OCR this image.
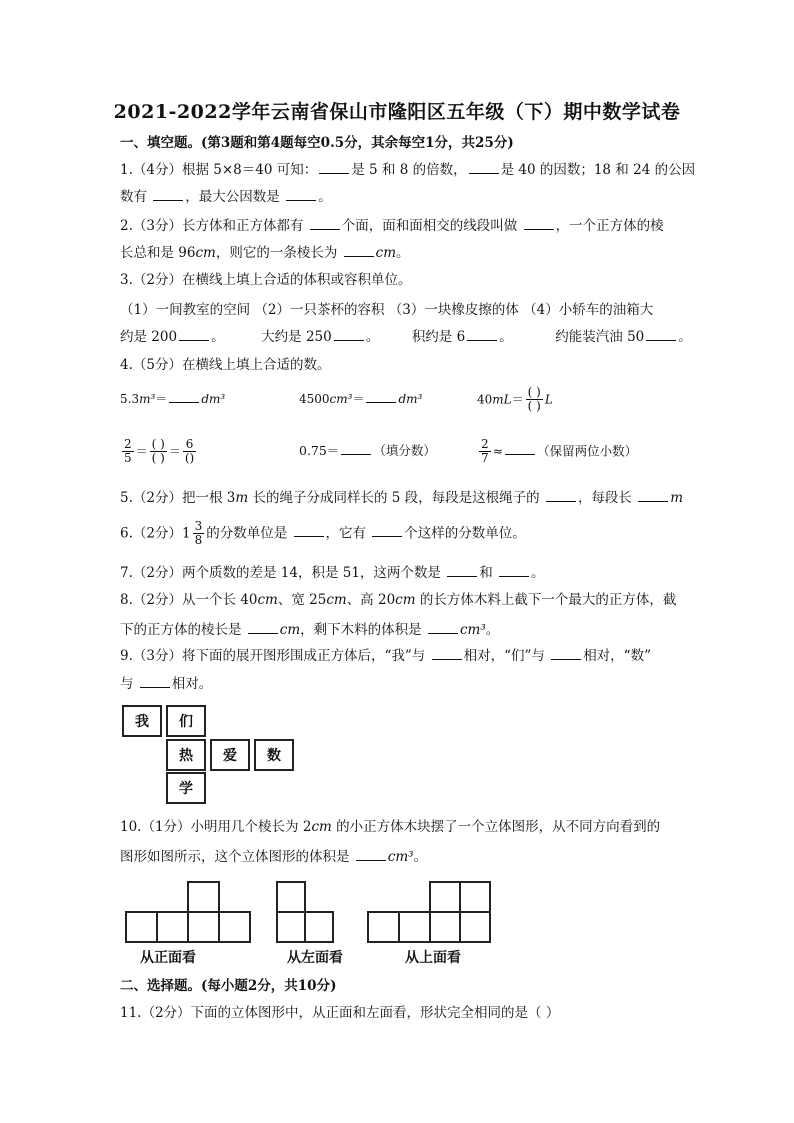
2021-2022学年云南省保山市隆阳区五年级（下）期中数学试卷
一、填空题。(第3题和第4题每空0.5分，其余每空1分，共25分)
1.（4分）根据 5×8＝40 可知：	是 5 和 8 的倍数，	是 40 的因数；18 和 24 的公因
数有	，最大公因数是	。
2.（3分）长方体和正方体都有	个面，面和面相交的线段叫做	，一个正方体的棱
长总和是 96cm，则它的一条棱长为	cm。
3.（2分）在横线上填上合适的体积或容积单位。
（1）一间教室的空间 （2）一只茶杯的容积 （3）一块橡皮擦的体 （4）小轿车的油箱大
约是 200	。	大约是 250	。 积约是 6	。	约能装汽油 50	。
4.（5分）在横线上填上合适的数。
5.3m³＝	dm³	4500cm³＝	dm³	$40mL= \frac{( )}{( )}$ L
$\frac{2}{5} = \frac{( )}{( )} = \frac{6}{()}$	0.75＝	（填分数）	$\frac{2}{7}$ ≈	（保留两位小数）
5.（2分）把一根 3m 长的绳子分成同样长的 5 段，每段是这根绳子的	，每段长	m
6.（2分）$1 \frac{3}{8}$ 的分数单位是	，它有	个这样的分数单位。
7.（2分）两个质数的差是 14，积是 51，这两个数是	和	。
8.（2分）从一个长 40cm、宽 25cm、高 20cm 的长方体木料上截下一个最大的正方体，截
下的正方体的棱长是	cm，剩下木料的体积是	cm³。
9.（3分）将下面的展开图形围成正方体后，“我”与	相对，“们”与	相对，“数”
与	相对。
我	们
热	爱	数
学
10.（1分）小明用几个棱长为 2cm 的小正方体木块摆了一个立体图形，从不同方向看到的
图形如图所示，这个立体图形的体积是	cm³。
从正面看	从左面看	从上面看
二、选择题。(每小题2分，共10分)
11.（2分）下面的立体图形中，从正面和左面看，形状完全相同的是（ ）
